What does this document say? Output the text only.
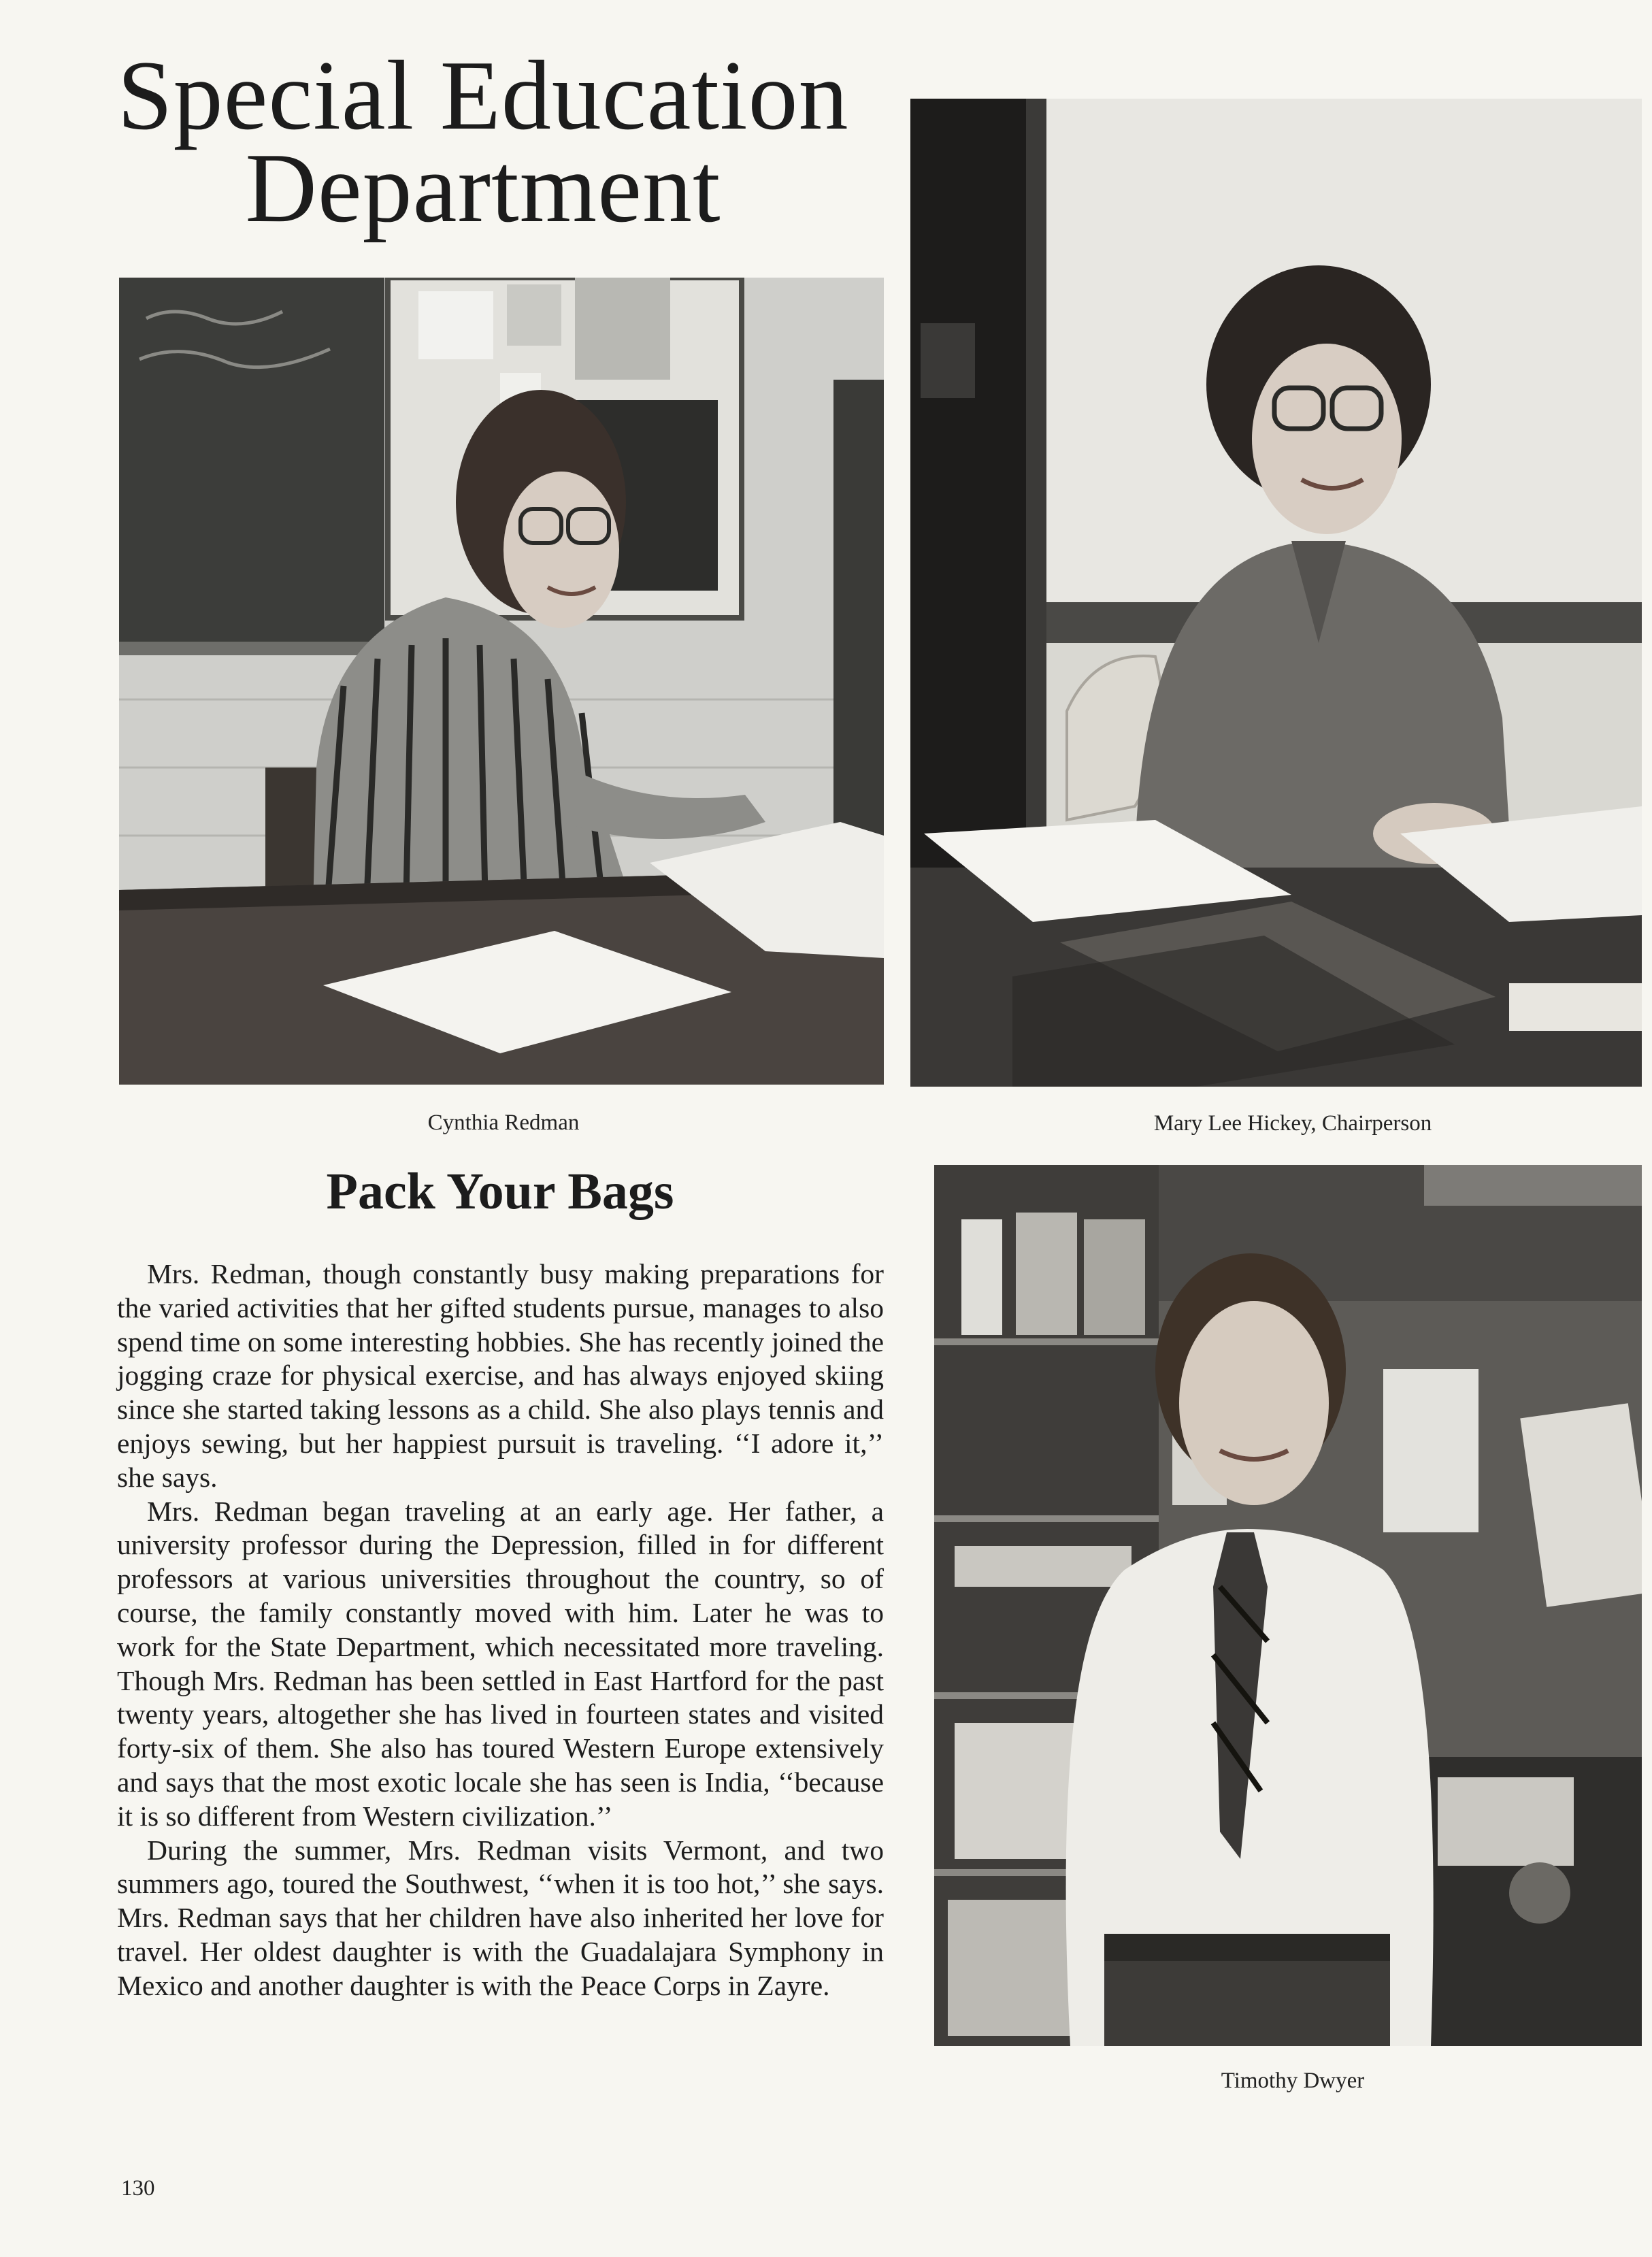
Special Education
Department
Cynthia Redman	Mary Lee Hickey, Chairperson
Timothy Dwyer
Pack Your Bags

Mrs. Redman, though constantly busy making preparations for the varied activities that her gifted students pursue, manages to also spend time on some interesting hobbies. She has recently joined the jogging craze for physical exercise, and has always enjoyed skiing since she started taking lessons as a child. She also plays tennis and enjoys sewing, but her happiest pursuit is traveling. ‘‘I adore it,’’ she says.

Mrs. Redman began traveling at an early age. Her father, a university professor during the Depression, filled in for different professors at various universities throughout the country, so of course, the family constantly moved with him. Later he was to work for the State Department, which necessitated more traveling. Though Mrs. Redman has been settled in East Hartford for the past twenty years, altogether she has lived in fourteen states and visited forty-six of them. She also has toured Western Europe extensively and says that the most exotic locale she has seen is India, ‘‘because it is so different from Western civilization.’’

During the summer, Mrs. Redman visits Vermont, and two summers ago, toured the Southwest, ‘‘when it is too hot,’’ she says. Mrs. Redman says that her children have also inherited her love for travel. Her oldest daughter is with the Guadalajara Symphony in Mexico and another daughter is with the Peace Corps in Zayre.

130
